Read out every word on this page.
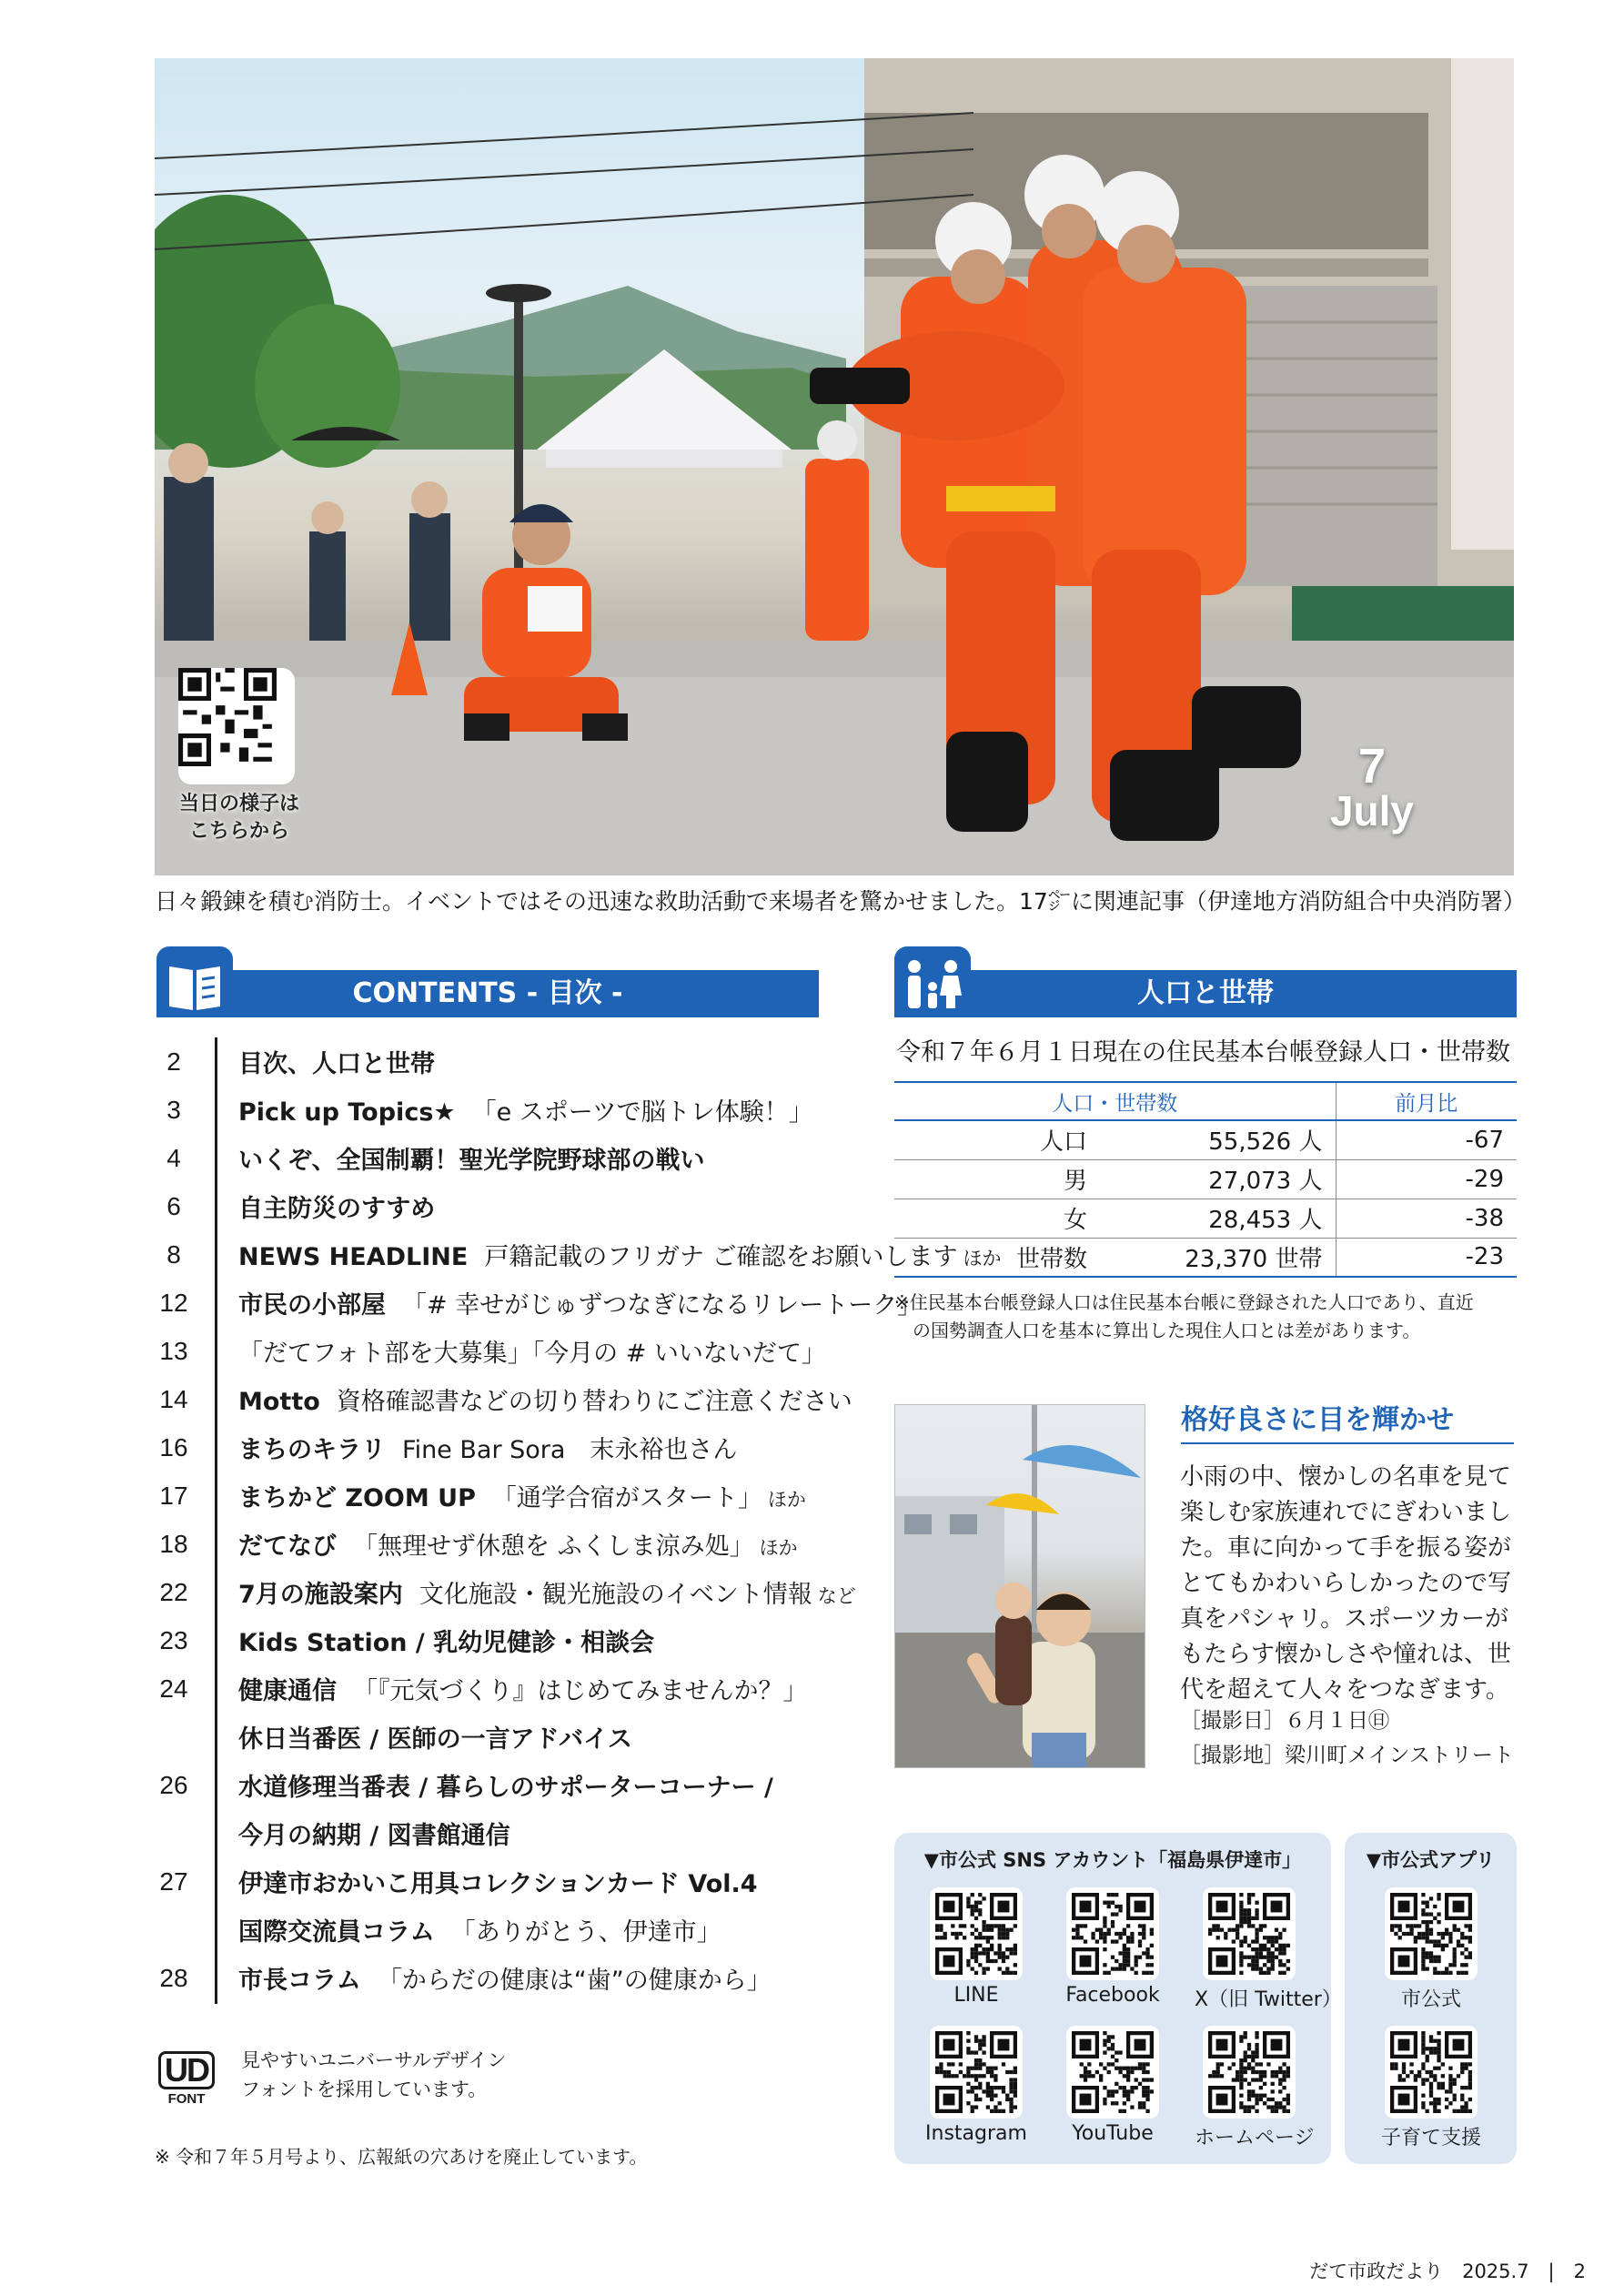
当日の様子は
こちらから
7
July
日々鍛錬を積む消防士。イベントではその迅速な救助活動で来場者を驚かせました。17㌻に関連記事（伊達地方消防組合中央消防署）
CONTENTS - 目次 -
2	目次、人口と世帯
3	Pick up Topics★ 「e スポーツで脳トレ体験！」
4	いくぞ、全国制覇！聖光学院野球部の戦い
6	自主防災のすすめ
8	NEWS HEADLINE 戸籍記載のフリガナ ご確認をお願いします ほか
12 市民の小部屋 「# 幸せがじゅずつなぎになるリレートーク」
13 「だてフォト部を大募集」「今月の # いいないだて」
14 Motto 資格確認書などの切り替わりにご注意ください
16 まちのキラリ Fine Bar Sora　末永裕也さん
17 まちかど ZOOM UP 「通学合宿がスタート」 ほか
18 だてなび 「無理せず休憩を ふくしま涼み処」 ほか
22 7月の施設案内 文化施設・観光施設のイベント情報 など
23 Kids Station / 乳幼児健診・相談会
24 健康通信 「『元気づくり』はじめてみませんか？」
休日当番医 / 医師の一言アドバイス
26 水道修理当番表 / 暮らしのサポーターコーナー /
今月の納期 / 図書館通信
27 伊達市おかいこ用具コレクションカード Vol.4
国際交流員コラム 「ありがとう、伊達市」
28 市長コラム 「からだの健康は“歯”の健康から」
UD
FONT
見やすいユニバーサルデザイン
フォントを採用しています。
※ 令和７年５月号より、広報紙の穴あけを廃止しています。
人口と世帯
令和７年６月１日現在の住民基本台帳登録人口・世帯数
人口・世帯数		前月比
人口	55,526 人	-67
男	27,073 人	-29
女	28,453 人	-38
世帯数	23,370 世帯	-23
※住民基本台帳登録人口は住民基本台帳に登録された人口であり、直近
の国勢調査人口を基本に算出した現住人口とは差があります。
格好良さに目を輝かせ
小雨の中、懐かしの名車を見て楽しむ家族連れでにぎわいました。車に向かって手を振る姿がとてもかわいらしかったので写真をパシャリ。スポーツカーがもたらす懐かしさや憧れは、世代を超えて人々をつなぎます。
［撮影日］６月１日㊐
［撮影地］梁川町メインストリート
▼市公式 SNS アカウント「福島県伊達市」
LINE	Facebook	X（旧 Twitter）
Instagram	YouTube	ホームページ
▼市公式アプリ
市公式
子育て支援
だて市政だより　2025.7　|　2
